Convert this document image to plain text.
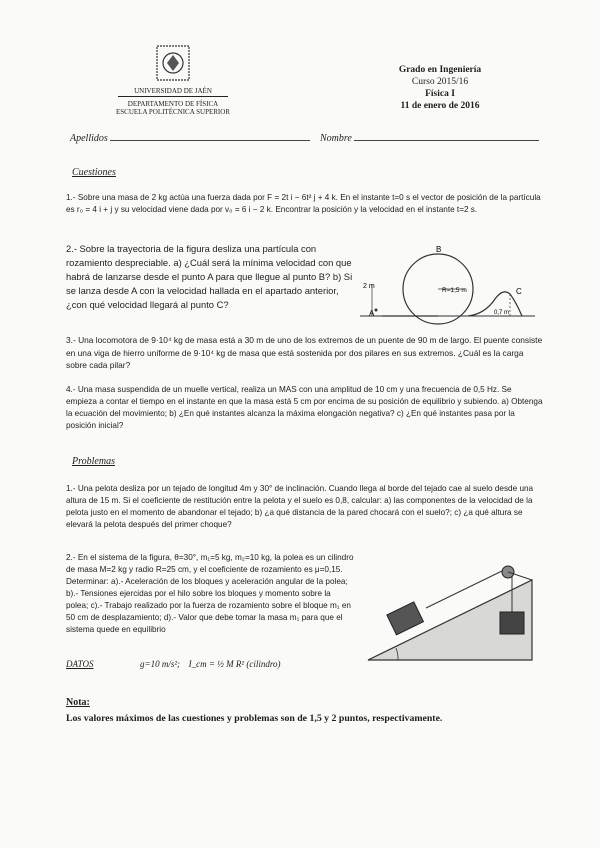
UNIVERSIDAD DE JAÉN
DEPARTAMENTO DE FÍSICA
ESCUELA POLITÉCNICA SUPERIOR
Grado en Ingeniería
Curso 2015/16
Física I
11 de enero de 2016
Apellidos	Nombre
Cuestiones

1.- Sobre una masa de 2 kg actúa una fuerza dada por F = 2t i − 6t² j + 4 k. En el instante t=0 s el vector de posición de la partícula es r₀ = 4 i + j y su velocidad viene dada por v₀ = 6 i − 2 k. Encontrar la posición y la velocidad en el instante t=2 s.

2.- Sobre la trayectoria de la figura desliza una partícula con rozamiento despreciable. a) ¿Cuál será la mínima velocidad con que habrá de lanzarse desde el punto A para que llegue al punto B? b) Si se lanza desde A con la velocidad hallada en el apartado anterior, ¿con qué velocidad llegará al punto C?

B
A
C
2 m
R=1,5 m
0,7 m

3.- Una locomotora de 9·10⁴ kg de masa está a 30 m de uno de los extremos de un puente de 90 m de largo. El puente consiste en una viga de hierro uniforme de 9·10⁴ kg de masa que está sostenida por dos pilares en sus extremos. ¿Cuál es la carga sobre cada pilar?

4.- Una masa suspendida de un muelle vertical, realiza un MAS con una amplitud de 10 cm y una frecuencia de 0,5 Hz. Se empieza a contar el tiempo en el instante en que la masa está 5 cm por encima de su posición de equilibrio y subiendo. a) Obtenga la ecuación del movimiento; b) ¿En qué instantes alcanza la máxima elongación negativa? c) ¿En qué instantes pasa por la posición inicial?

Problemas

1.- Una pelota desliza por un tejado de longitud 4m y 30° de inclinación. Cuando llega al borde del tejado cae al suelo desde una altura de 15 m. Si el coeficiente de restitución entre la pelota y el suelo es 0,8, calcular: a) las componentes de la velocidad de la pelota justo en el momento de abandonar el tejado; b) ¿a qué distancia de la pared chocará con el suelo?; c) ¿a qué altura se elevará la pelota después del primer choque?

2.- En el sistema de la figura, θ=30°, m₁=5 kg, m₂=10 kg, la polea es un cilindro de masa M=2 kg y radio R=25 cm, y el coeficiente de rozamiento es μ=0,15. Determinar: a).- Aceleración de los bloques y aceleración angular de la polea; b).- Tensiones ejercidas por el hilo sobre los bloques y momento sobre la polea; c).- Trabajo realizado por la fuerza de rozamiento sobre el bloque m₁ en 50 cm de desplazamiento; d).- Valor que debe tomar la masa m₁ para que el sistema quede en equilibrio

DATOS	g=10 m/s²; I_cm = ½ M R² (cilindro)
Nota:
Los valores máximos de las cuestiones y problemas son de 1,5 y 2 puntos, respectivamente.
